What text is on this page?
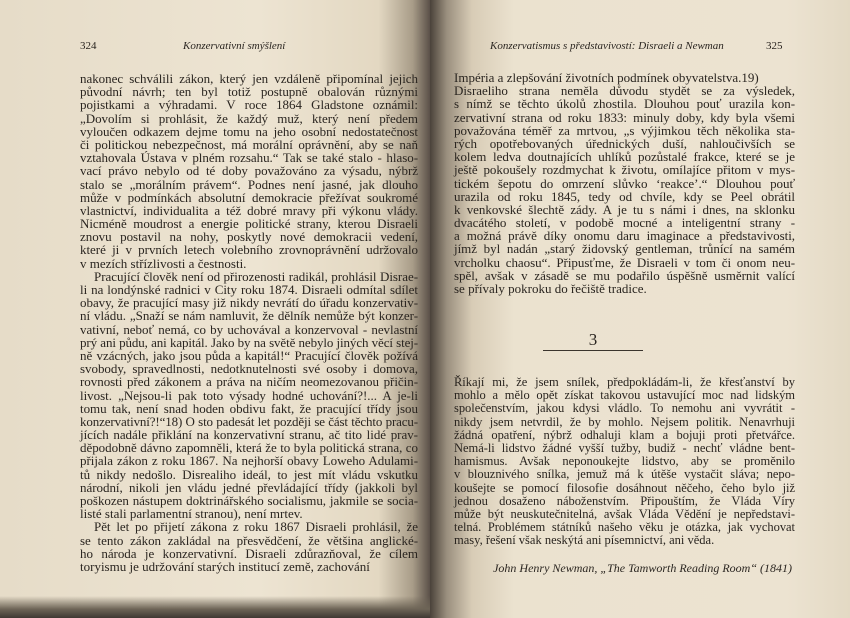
324	Konzervativní smýšlení	Konzervatismus s představivostí: Disraeli a Newman	325
nakonec schválili zákon, který jen vzdáleně připomínal jejich
původní návrh; ten byl totiž postupně obalován různými
pojistkami a výhradami. V roce 1864 Gladstone oznámil:
„Dovolím si prohlásit, že každý muž, který není předem
vyloučen odkazem dejme tomu na jeho osobní nedostatečnost
či politickou nebezpečnost, má morální oprávnění, aby se naň
vztahovala Ústava v plném rozsahu.“ Tak se také stalo - hlaso-
vací právo nebylo od té doby považováno za výsadu, nýbrž
stalo se „morálním právem“. Podnes není jasné, jak dlouho
může v podmínkách absolutní demokracie přežívat soukromé
vlastnictví, individualita a též dobré mravy při výkonu vlády.
Nicméně moudrost a energie politické strany, kterou Disraeli
znovu postavil na nohy, poskytly nové demokracii vedení,
které ji v prvních letech volebního zrovnoprávnění udržovalo
v mezích střízlivosti a čestnosti.
Pracující člověk není od přirozenosti radikál, prohlásil Disrae-
li na londýnské radnici v City roku 1874. Disraeli odmítal sdílet
obavy, že pracující masy již nikdy nevrátí do úřadu konzervativ-
ní vládu. „Snaží se nám namluvit, že dělník nemůže být konzer-
vativní, neboť nemá, co by uchovával a konzervoval - nevlastní
prý ani půdu, ani kapitál. Jako by na světě nebylo jiných věcí stej-
ně vzácných, jako jsou půda a kapitál!“ Pracující člověk požívá
svobody, spravedlnosti, nedotknutelnosti své osoby i domova,
rovnosti před zákonem a práva na ničím neomezovanou přičin-
livost. „Nejsou-li pak toto výsady hodné uchování?!... A je-li
tomu tak, není snad hoden obdivu fakt, že pracující třídy jsou
konzervativní?!“18) O sto padesát let později se část těchto pracu-
jících nadále přiklání na konzervativní stranu, ač tito lidé prav-
děpodobně dávno zapomněli, která že to byla politická strana, co
přijala zákon z roku 1867. Na nejhorší obavy Loweho Adulami-
tů nikdy nedošlo. Disrealiho ideál, to jest mít vládu vskutku
národní, nikoli jen vládu jedné převládající třídy (jakkoli byl
poškozen nástupem doktrinářského socialismu, jakmile se socia-
listé stali parlamentní stranou), není mrtev.
Pět let po přijetí zákona z roku 1867 Disraeli prohlásil, že
se tento zákon zakládal na přesvědčení, že většina anglické-
ho národa je konzervativní. Disraeli zdůrazňoval, že cílem
toryismu je udržování starých institucí země, zachování
Impéria a zlepšování životních podmínek obyvatelstva.19)
Disraeliho strana neměla důvodu stydět se za výsledek,
s nímž se těchto úkolů zhostila. Dlouhou pouť urazila kon-
zervativní strana od roku 1833: minuly doby, kdy byla všemi
považována téměř za mrtvou, „s výjimkou těch několika sta-
rých opotřebovaných úřednických duší, nahloučivších se
kolem ledva doutnajících uhlíků pozůstalé frakce, které se je
ještě pokoušely rozdmychat k životu, omílajíce přitom v mys-
tickém šepotu do omrzení slůvko ‘reakce’.“ Dlouhou pouť
urazila od roku 1845, tedy od chvíle, kdy se Peel obrátil
k venkovské šlechtě zády. A je tu s námi i dnes, na sklonku
dvacátého století, v podobě mocné a inteligentní strany -
a možná právě díky onomu daru imaginace a představivosti,
jímž byl nadán „starý židovský gentleman, trůnící na samém
vrcholku chaosu“. Připusťme, že Disraeli v tom či onom neu-
spěl, avšak v zásadě se mu podařilo úspěšně usměrnit valící
se přívaly pokroku do řečiště tradice.
3
Říkají mi, že jsem snílek, předpokládám-li, že křesťanství by
mohlo a mělo opět získat takovou ustavující moc nad lidským
společenstvím, jakou kdysi vládlo. To nemohu ani vyvrátit -
nikdy jsem netvrdil, že by mohlo. Nejsem politik. Nenavrhuji
žádná opatření, nýbrž odhaluji klam a bojuji proti přetvářce.
Nemá-li lidstvo žádné vyšší tužby, budiž - nechť vládne bent-
hamismus. Avšak neponoukejte lidstvo, aby se proměnilo
v blouznivého snílka, jemuž má k útěše vystačit sláva; nepo-
koušejte se pomocí filosofie dosáhnout něčeho, čeho bylo již
jednou dosaženo náboženstvím. Připouštím, že Vláda Víry
může být neuskutečnitelná, avšak Vláda Vědění je nepředstavi-
telná. Problémem státníků našeho věku je otázka, jak vychovat
masy, řešení však neskýtá ani písemnictví, ani věda.
John Henry Newman, „The Tamworth Reading Room“ (1841)
